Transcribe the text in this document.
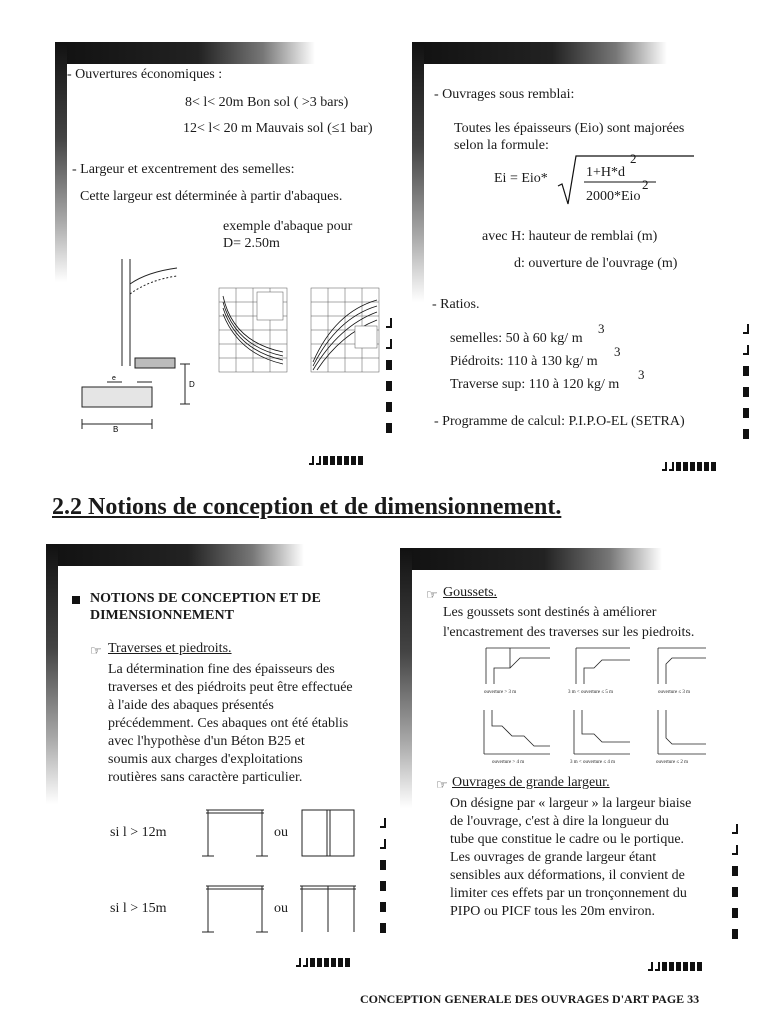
- Ouvertures économiques :
8< l< 20m Bon sol ( >3 bars)
12< l< 20 m Mauvais sol (≤1 bar)
- Largeur et excentrement des semelles:
Cette largeur est déterminée à partir d'abaques.
exemple d'abaque pour
D= 2.50m
B
D
e
- Ouvrages sous remblai:
Toutes les épaisseurs (Eio) sont majorées
selon la formule:
Ei = Eio*	1+H*d
2
2000*Eio
2
avec H: hauteur de remblai (m)
d: ouverture de l'ouvrage (m)
- Ratios.
semelles: 50 à 60 kg/ m
3
Piédroits: 110 à 130 kg/ m
3
Traverse sup: 110 à 120 kg/ m
3
- Programme de calcul: P.I.P.O-EL (SETRA)
2.2 Notions de conception et de dimensionnement.
NOTIONS DE CONCEPTION ET DE
DIMENSIONNEMENT
☞ Traverses et piedroits.
La détermination fine des épaisseurs des
traverses et des piédroits peut être effectuée
à l'aide des abaques présentés
précédemment. Ces abaques ont été établis
avec l'hypothèse d'un Béton B25 et
soumis aux charges d'exploitations
routières sans caractère particulier.
si l > 12m	ou
si l > 15m	ou
☞ Goussets.
Les goussets sont destinés à améliorer
l'encastrement des traverses sur les piedroits.
ouverture > 3 m	3 m < ouverture ≤ 5 m	ouverture ≤ 3 m
ouverture > 4 m	3 m < ouverture ≤ 4 m	ouverture ≤ 2 m
☞ Ouvrages de grande largeur.
On désigne par « largeur » la largeur biaise
de l'ouvrage, c'est à dire la longueur du
tube que constitue le cadre ou le portique.
Les ouvrages de grande largeur étant
sensibles aux déformations, il convient de
limiter ces effets par un tronçonnement du
PIPO ou PICF tous les 20m environ.
CONCEPTION GENERALE DES OUVRAGES D'ART PAGE 33
